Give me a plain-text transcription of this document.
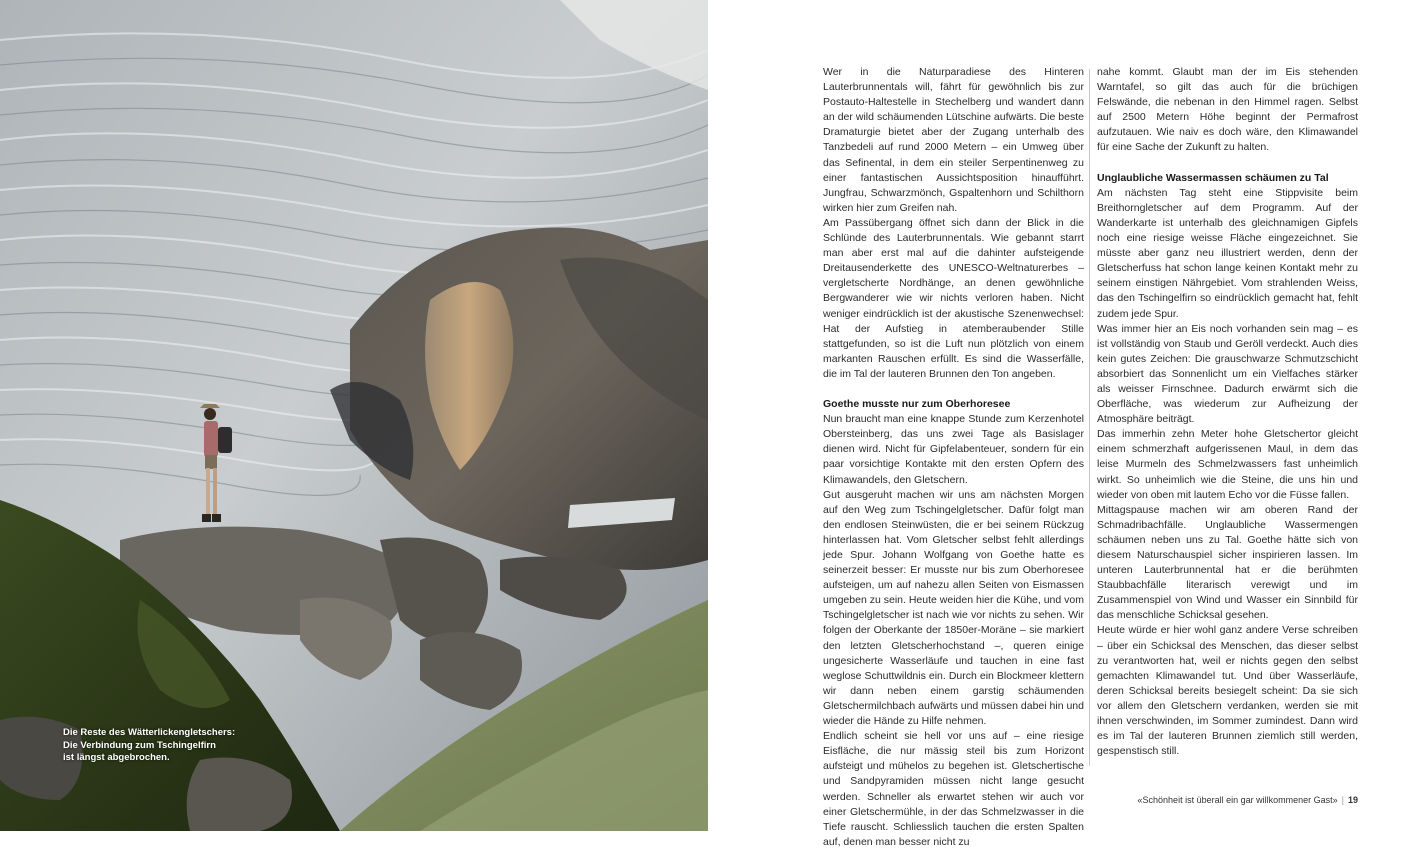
Die Reste des Wätterlickengletschers:
Die Verbindung zum Tschingelfirn
ist längst abgebrochen.

Wer in die Naturparadiese des Hinteren Lauterbrunnentals will, fährt für gewöhnlich bis zur Postauto-Haltestelle in Stechelberg und wandert dann an der wild schäumenden Lütschine aufwärts. Die beste Dramaturgie bietet aber der Zugang unterhalb des Tanzbedeli auf rund 2000 Metern – ein Umweg über das Sefinental, in dem ein steiler Serpentinenweg zu einer fantastischen Aussichtsposition hinaufführt. Jungfrau, Schwarzmönch, Gspaltenhorn und Schilthorn wirken hier zum Greifen nah.

Am Passübergang öffnet sich dann der Blick in die Schlünde des Lauterbrunnentals. Wie gebannt starrt man aber erst mal auf die dahinter aufsteigende Dreitausenderkette des UNESCO-Weltnaturerbes – vergletscherte Nordhänge, an denen gewöhnliche Bergwanderer wie wir nichts verloren haben. Nicht weniger eindrücklich ist der akustische Szenenwechsel: Hat der Aufstieg in atemberaubender Stille stattgefunden, so ist die Luft nun plötzlich von einem markanten Rauschen erfüllt. Es sind die Wasserfälle, die im Tal der lauteren Brunnen den Ton angeben.

Goethe musste nur zum Oberhoresee

Nun braucht man eine knappe Stunde zum Kerzenhotel Obersteinberg, das uns zwei Tage als Basislager dienen wird. Nicht für Gipfelabenteuer, sondern für ein paar vorsichtige Kontakte mit den ersten Opfern des Klimawandels, den Gletschern.

Gut ausgeruht machen wir uns am nächsten Morgen auf den Weg zum Tschingelgletscher. Dafür folgt man den endlosen Steinwüsten, die er bei seinem Rückzug hinterlassen hat. Vom Gletscher selbst fehlt allerdings jede Spur. Johann Wolfgang von Goethe hatte es seinerzeit besser: Er musste nur bis zum Oberhoresee aufsteigen, um auf nahezu allen Seiten von Eismassen umgeben zu sein. Heute weiden hier die Kühe, und vom Tschingelgletscher ist nach wie vor nichts zu sehen. Wir folgen der Oberkante der 1850er-Moräne – sie markiert den letzten Gletscherhochstand –, queren einige ungesicherte Wasserläufe und tauchen in eine fast weglose Schuttwildnis ein. Durch ein Blockmeer klettern wir dann neben einem garstig schäumenden Gletschermilchbach aufwärts und müssen dabei hin und wieder die Hände zu Hilfe nehmen.

Endlich scheint sie hell vor uns auf – eine riesige Eisfläche, die nur mässig steil bis zum Horizont aufsteigt und mühelos zu begehen ist. Gletschertische und Sandpyramiden müssen nicht lange gesucht werden. Schneller als erwartet stehen wir auch vor einer Gletschermühle, in der das Schmelzwasser in die Tiefe rauscht. Schliesslich tauchen die ersten Spalten auf, denen man besser nicht zu

nahe kommt. Glaubt man der im Eis stehenden Warntafel, so gilt das auch für die brüchigen Felswände, die nebenan in den Himmel ragen. Selbst auf 2500 Metern Höhe beginnt der Permafrost aufzutauen. Wie naiv es doch wäre, den Klimawandel für eine Sache der Zukunft zu halten.

Unglaubliche Wassermassen schäumen zu Tal

Am nächsten Tag steht eine Stippvisite beim Breithorngletscher auf dem Programm. Auf der Wanderkarte ist unterhalb des gleichnamigen Gipfels noch eine riesige weisse Fläche eingezeichnet. Sie müsste aber ganz neu illustriert werden, denn der Gletscherfuss hat schon lange keinen Kontakt mehr zu seinem einstigen Nährgebiet. Vom strahlenden Weiss, das den Tschingelfirn so eindrücklich gemacht hat, fehlt zudem jede Spur.

Was immer hier an Eis noch vorhanden sein mag – es ist vollständig von Staub und Geröll verdeckt. Auch dies kein gutes Zeichen: Die grauschwarze Schmutzschicht absorbiert das Sonnenlicht um ein Vielfaches stärker als weisser Firnschnee. Dadurch erwärmt sich die Oberfläche, was wiederum zur Aufheizung der Atmosphäre beiträgt.

Das immerhin zehn Meter hohe Gletschertor gleicht einem schmerzhaft aufgerissenen Maul, in dem das leise Murmeln des Schmelzwassers fast unheimlich wirkt. So unheimlich wie die Steine, die uns hin und wieder von oben mit lautem Echo vor die Füsse fallen.

Mittagspause machen wir am oberen Rand der Schmadribachfälle. Unglaubliche Wassermengen schäumen neben uns zu Tal. Goethe hätte sich von diesem Naturschauspiel sicher inspirieren lassen. Im unteren Lauterbrunnental hat er die berühmten Staubbachfälle literarisch verewigt und im Zusammenspiel von Wind und Wasser ein Sinnbild für das menschliche Schicksal gesehen.

Heute würde er hier wohl ganz andere Verse schreiben – über ein Schicksal des Menschen, das dieser selbst zu verantworten hat, weil er nichts gegen den selbst gemachten Klimawandel tut. Und über Wasserläufe, deren Schicksal bereits besiegelt scheint: Da sie sich vor allem den Gletschern verdanken, werden sie mit ihnen verschwinden, im Sommer zumindest. Dann wird es im Tal der lauteren Brunnen ziemlich still werden, gespenstisch still.

«Schönheit ist überall ein gar willkommener Gast» | 19
